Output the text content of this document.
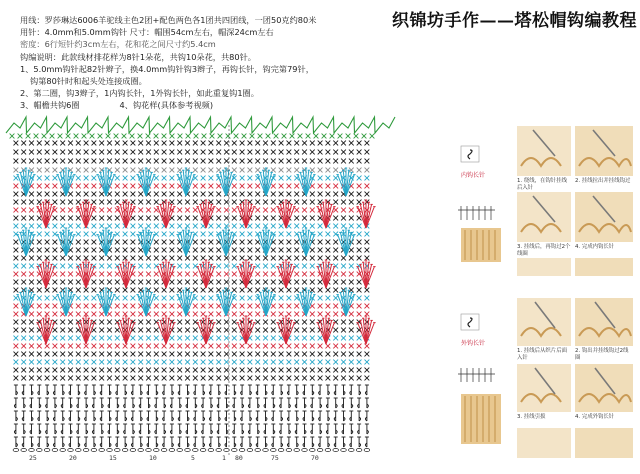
织锦坊手作——塔松帽钩编教程
用线：罗莎琳达6006羊驼线主色2团+配色两色各1团共四团线，一团50克约80米
用针：4.0mm和5.0mm钩针 尺寸：帽围54cm左右，帽深24cm左右
密度：6行短针约3cm左右，花和花之间尺寸约5.4cm
钩编说明：此款线材排花样为8针1朵花，共钩10朵花，共80针。
1、5.0mm钩针起82针辫子，换4.0mm钩针钩3辫子，再钩长针，钩完第79针，
钩第80针时和起头处连接成圈。
2、第二圈，钩3辫子，1内钩长针，1外钩长针，如此重复钩1圈。
3、帽檐共钩6圈	4、钩花样(具体参考视频)
25	20	15	10	5	1 80	75	70
内钩长针
1. 绕线，在钩针挂线后入针
2. 挂线拉出并挂线钩过
3. 挂线后，再钩过2个线圈
4. 完成内钩长针
外钩长针
1. 挂线后从织片后面入针
2. 钩出并挂线钩过2线圈
3. 挂线引拔	4. 完成外钩长针
